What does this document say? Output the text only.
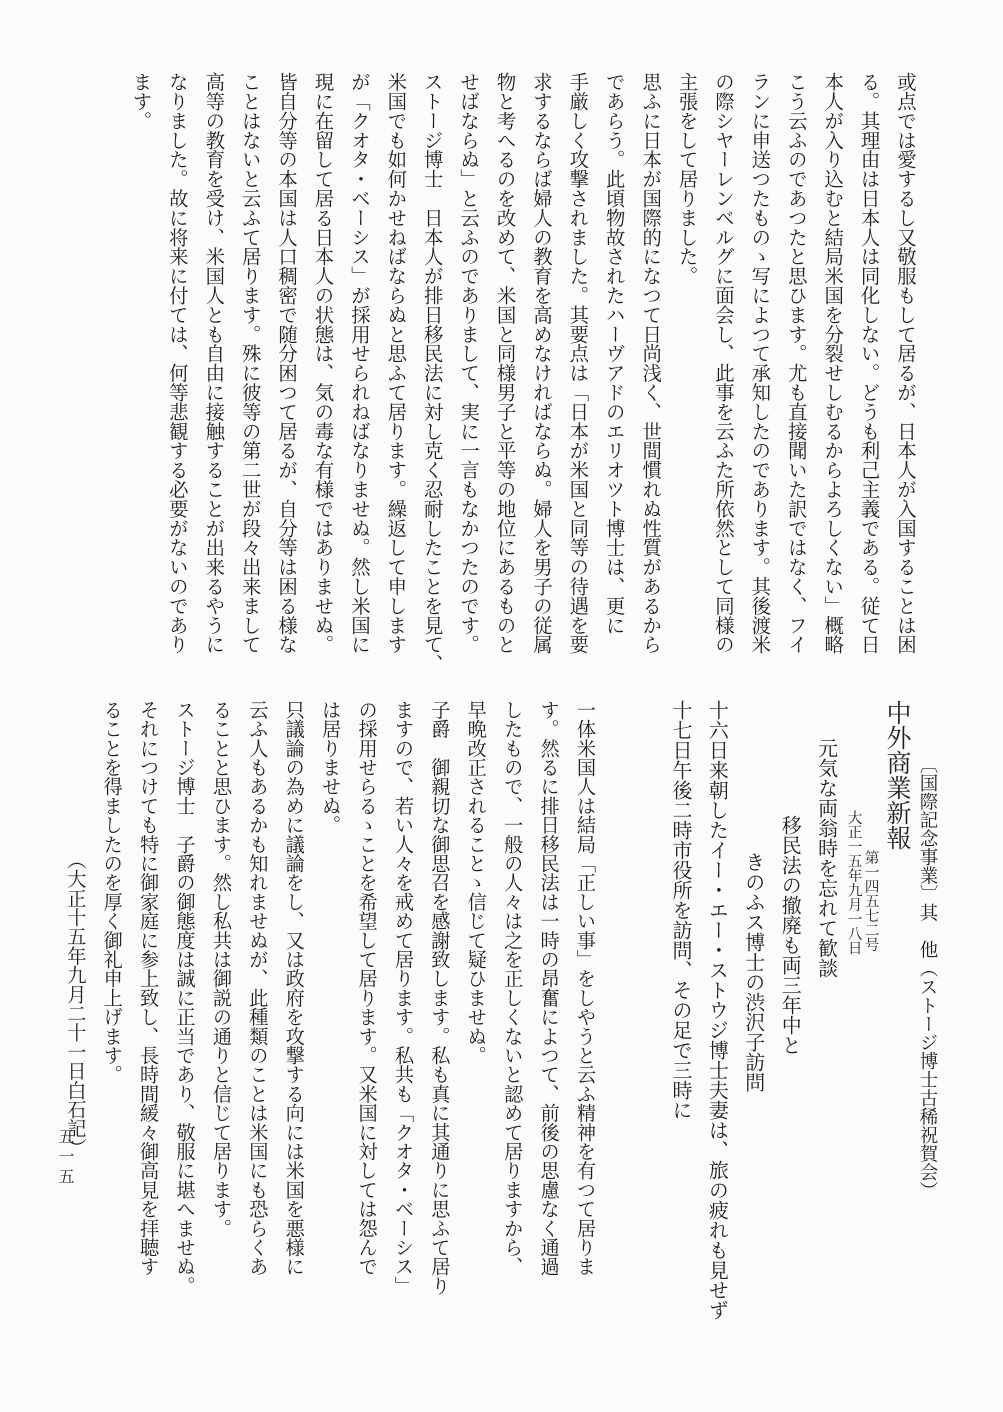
〔国際記念事業〕其　他（ストージ博士古稀祝賀会）

或点では愛するし又敬服もして居るが、日本人が入国することは困

る。其理由は日本人は同化しない。どうも利己主義である。従て日

本人が入り込むと結局米国を分裂せしむるからよろしくない」概略

こう云ふのであつたと思ひます。尤も直接聞いた訳ではなく、フイ

ランに申送つたものゝ写によつて承知したのであります。其後渡米

の際シヤーレンベルグに面会し、此事を云ふた所依然として同様の

主張をして居りました。

思ふに日本が国際的になつて日尚浅く、世間慣れぬ性質があるから

であらう。此頃物故されたハーヴアドのエリオツト博士は、更に

手厳しく攻撃されました。其要点は「日本が米国と同等の待遇を要

求するならば婦人の教育を高めなければならぬ。婦人を男子の従属

物と考へるのを改めて、米国と同様男子と平等の地位にあるものと

せばならぬ」と云ふのでありまして、実に一言もなかつたのです。

ストージ博士　日本人が排日移民法に対し克く忍耐したことを見て、

米国でも如何かせねばならぬと思ふて居ります。繰返して申します

が「クオタ・ベーシス」が採用せられねばなりませぬ。然し米国に

現に在留して居る日本人の状態は、気の毒な有様ではありませぬ。

皆自分等の本国は人口稠密で随分困つて居るが、自分等は困る様な

ことはないと云ふて居ります。殊に彼等の第二世が段々出来まして

高等の教育を受け、米国人とも自由に接触することが出来るやうに

なりました。故に将来に付ては、何等悲観する必要がないのであり

ます。

一体米国人は結局「正しい事」をしやうと云ふ精神を有つて居りま

す。然るに排日移民法は一時の昂奮によつて、前後の思慮なく通過

したもので、一般の人々は之を正しくないと認めて居りますから、

早晩改正されることゝ信じて疑ひませぬ。

子爵　御親切な御思召を感謝致します。私も真に其通りに思ふて居り

ますので、若い人々を戒めて居ります。私共も「クオタ・ベーシス」

の採用せらるゝことを希望して居ります。又米国に対しては怨んで

は居りませぬ。

只議論の為めに議論をし、又は政府を攻撃する向には米国を悪様に

云ふ人もあるかも知れませぬが、此種類のことは米国にも恐らくあ

ることと思ひます。然し私共は御説の通りと信じて居ります。

ストージ博士　子爵の御態度は誠に正当であり、敬服に堪へませぬ。

それにつけても特に御家庭に参上致し、長時間緩々御高見を拝聴す

ることを得ましたのを厚く御礼申上げます。

（大正十五年九月二十一日白石記）

中外商業新報

第一四五七二号

大正一五年九月一八日

元気な両翁時を忘れて歓談

移民法の撤廃も両三年中と

きのふス博士の渋沢子訪問

十六日来朝したイー・エー・ストウジ博士夫妻は、旅の疲れも見せず

十七日午後二時市役所を訪問、その足で三時に

五一五
